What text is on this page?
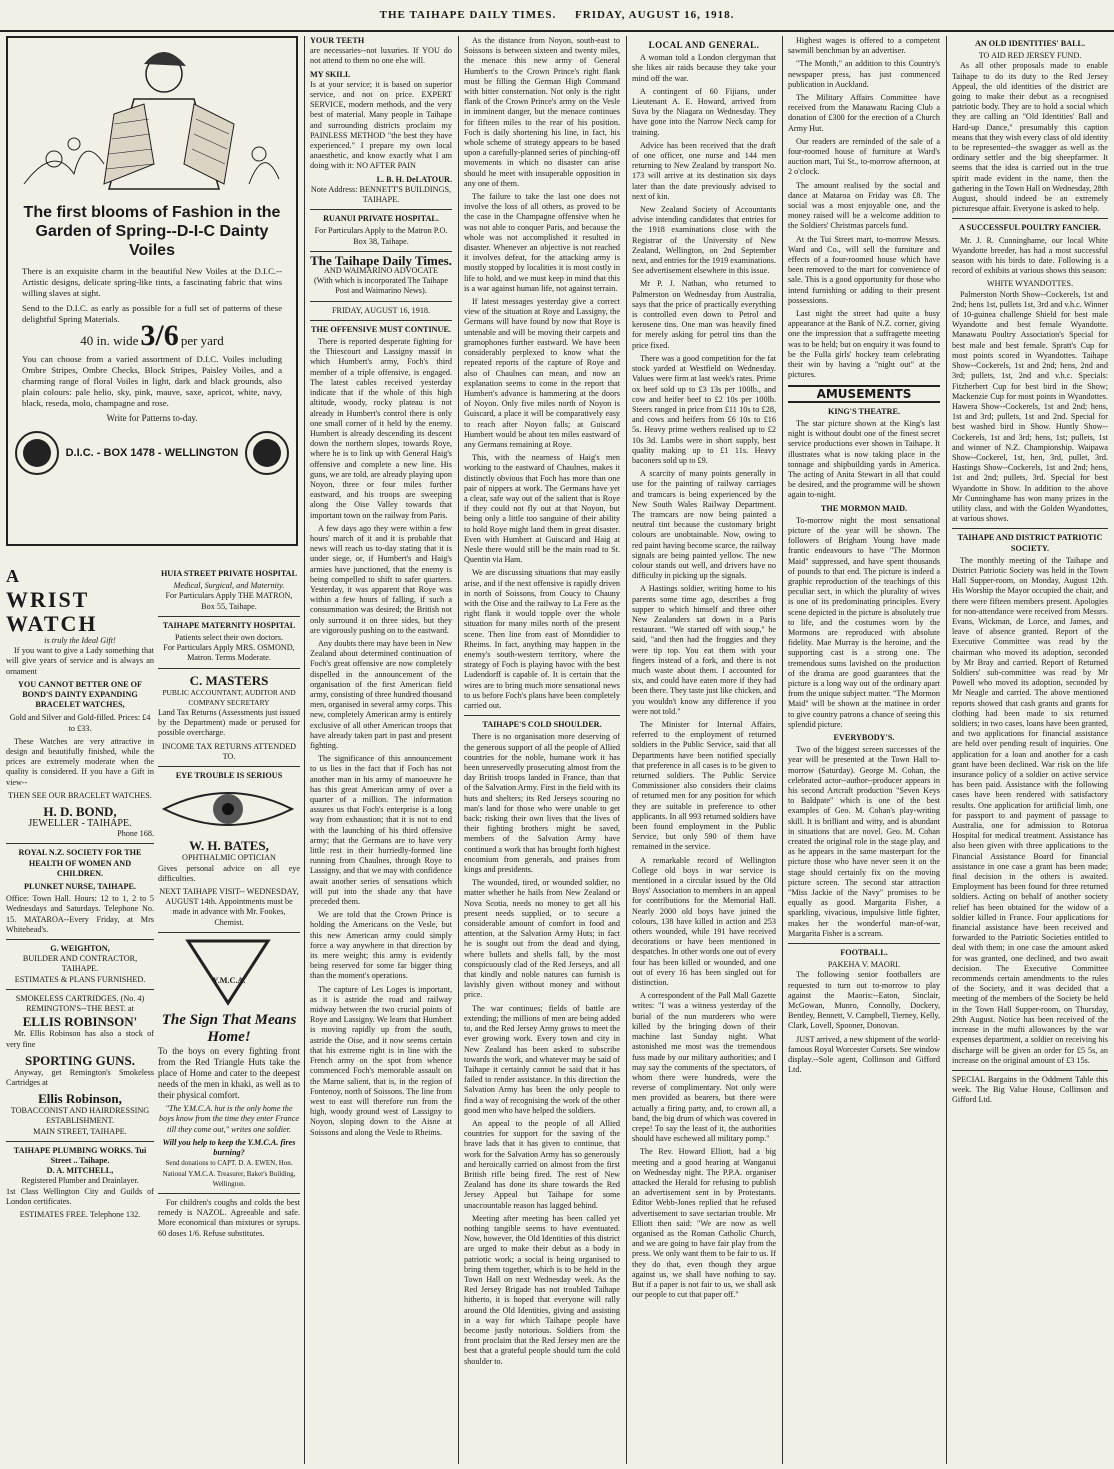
THE TAIHAPE DAILY TIMES. FRIDAY, AUGUST 16, 1918.
The first blooms of Fashion in the Garden of Spring--D-I-C Dainty Voiles

There is an exquisite charm in the beautiful New Voiles at the D.I.C.--Artistic designs, delicate spring-like tints, a fascinating fabric that wins willing slaves at sight.

Send to the D.I.C. as early as possible for a full set of patterns of these delightful Spring Materials.

40 in. wide 3/6 per yard

You can choose from a varied assortment of D.I.C. Voiles including Ombre Stripes, Ombre Checks, Block Stripes, Paisley Voiles, and a charming range of floral Voiles in light, dark and black grounds, also plain colours: pale helio, sky, pink, mauve, saxe, apricot, white, navy, black, reseda, molo, champagne and rose.

Write for Patterns to-day.
D.I.C. - BOX 1478 - WELLINGTON
A
WRIST
WATCH
is truly the Ideal Gift!

If you want to give a Lady something that will give years of service and is always an ornament

YOU CANNOT BETTER ONE OF BOND'S DAINTY EXPANDING BRACELET WATCHES,

Gold and Silver and Gold-filled. Prices: £4 to £33.

These Watches are very attractive in design and beautifully finished, while the prices are extremely moderate when the quality is considered. If you have a Gift in view--

THEN SEE OUR BRACELET WATCHES.

H. D. BOND,
JEWELLER - TAIHAPE.
Phone 168.
ROYAL N.Z. SOCIETY FOR THE HEALTH OF WOMEN AND CHILDREN.
PLUNKET NURSE, TAIHAPE.

Office: Town Hall. Hours: 12 to 1, 2 to 5 Wednesdays and Saturdays. Telephone No. 15. MATAROA--Every Friday, at Mrs Whitehead's.

G. WEIGHTON,
BUILDER AND CONTRACTOR, TAIHAPE.
ESTIMATES & PLANS FURNISHED.
SMOKELESS CARTRIDGES. (No. 4)
REMINGTON'S--THE BEST. at
ELLIS ROBINSON'

Mr. Ellis Robinson has also a stock of very fine

SPORTING GUNS.

Anyway, get Remington's Smokeless Cartridges at

Ellis Robinson,
TOBACCONIST AND HAIRDRESSING ESTABLISHMENT.
MAIN STREET, TAIHAPE.
TAIHAPE PLUMBING WORKS. Tui Street .. Taihape.
D. A. MITCHELL,
Registered Plumber and Drainlayer.

1st Class Wellington City and Guilds of London certificates.

ESTIMATES FREE. Telephone 132.
HUIA STREET PRIVATE HOSPITAL
Medical, Surgical, and Maternity.
For Particulars Apply THE MATRON, Box 55, Taihape.
TAIHAPE MATERNITY HOSPITAL
Patients select their own doctors.
For Particulars Apply MRS. OSMOND, Matron. Terms Moderate.
C. MASTERS
PUBLIC ACCOUNTANT, AUDITOR AND COMPANY SECRETARY

Land Tax Returns (Assessments just issued by the Department) made or perused for possible overcharge.

INCOME TAX RETURNS ATTENDED TO.
EYE TROUBLE IS SERIOUS
W. H. BATES,
OPHTHALMIC OPTICIAN

Gives personal advice on all eye difficulties.

NEXT TAIHAPE VISIT-- WEDNESDAY, AUGUST 14th. Appointments must be made in advance with Mr. Fookes, Chemist.

Y.M.C.A.
The Sign That Means Home!

To the boys on every fighting front from the Red Triangle Huts take the place of Home and cater to the deepest needs of the men in khaki, as well as to their physical comfort.

"The Y.M.C.A. hut is the only home the boys know from the time they enter France till they come out," writes one soldier.

Will you help to keep the Y.M.C.A. fires burning?

Send donations to CAPT. D. A. EWEN, Hon. National Y.M.C.A. Treasurer, Baker's Building, Wellington.

For children's coughs and colds the best remedy is NAZOL. Agreeable and safe. More economical than mixtures or syrups. 60 doses 1/6. Refuse substitutes.

YOUR TEETH

are necessaries--not luxuries. If YOU do not attend to them no one else will.

MY SKILL

Is at your service; it is based on superior service, and not on price. EXPERT SERVICE, modern methods, and the very best of material. Many people in Taihape and surrounding districts proclaim my PAINLESS METHOD "the best they have experienced." I prepare my own local anaesthetic, and know exactly what I am doing with it: NO AFTER PAIN

L. B. H. DeLATOUR.
Note Address: BENNETT'S BUILDINGS, TAIHAPE.
RUANUI PRIVATE HOSPITAL.
For Particulars Apply to the Matron P.O. Box 38, Taihape.
The Taihape Daily Times.
AND WAIMARINO ADVOCATE
(With which is incorporated The Taihape Post and Waimarino News).
FRIDAY, AUGUST 16, 1918.
THE OFFENSIVE MUST CONTINUE.

There is reported desperate fighting for the Thiescourt and Lassigny massif in which Humbert's army, Foch's third member of a triple offensive, is engaged. The latest cables received yesterday indicate that if the whole of this high altitude, woody, rocky plateau is not already in Humbert's control there is only one small corner of it held by the enemy. Humbert is already descending its descent down the northern slopes, towards Roye, where he is to link up with General Haig's offensive and complete a new line. His guns, we are told, are already playing upon Noyon, three or four miles further eastward, and his troops are sweeping along the Oise Valley towards that important town on the railway from Paris.

A few days ago they were within a few hours' march of it and it is probable that news will reach us to-day stating that it is under siege, or, if Humbert's and Haig's armies have junctioned, that the enemy is being compelled to shift to safer quarters. Yesterday, it was apparent that Roye was within a few hours of falling, if such a consummation was desired; the British not only surround it on three sides, but they are vigorously pushing on to the eastward.

Any doubts there may have been in New Zealand about determined continuation of Foch's great offensive are now completely dispelled in the announcement of the organisation of the first American field army, consisting of three hundred thousand men, organised in several army corps. This new, completely American army is entirely exclusive of all other American troops that have already taken part in past and present fighting.

The significance of this announcement to us lies in the fact that if Foch has not another man in his army of manoeuvre he has this great American army of over a quarter of a million. The information assures us that Foch's enterprise is a long way from exhaustion; that it is not to end with the launching of his third offensive army; that the Germans are to have very little rest in their hurriedly-formed line running from Chaulnes, through Roye to Lassigny, and that we may with confidence await another series of sensations which will put into the shade any that have preceded them.

We are told that the Crown Prince is holding the Americans on the Vesle, but this new American army could simply force a way anywhere in that direction by its mere weight; this army is evidently being reserved for some far bigger thing than the moment's operations.

The capture of Les Loges is important, as it is astride the road and railway midway between the two crucial points of Roye and Lassigny. We learn that Humbert is moving rapidly up from the south, astride the Oise, and it now seems certain that his extreme right is in line with the French army on the spot from whence commenced Foch's memorable assault on the Marne salient, that is, in the region of Fontenoy, north of Soissons. The line from west to east will therefore run from the high, woody ground west of Lassigny to Noyon, sloping down to the Aisne at Soissons and along the Vesle to Rheims.

As the distance from Noyon, south-east to Soissons is between sixteen and twenty miles, the menace this new army of General Humbert's to the Crown Prince's right flank must be filling the German High Command with bitter consternation. Not only is the right flank of the Crown Prince's army on the Vesle in imminent danger, but the menace continues for fifteen miles to the rear of his position. Foch is daily shortening his line, in fact, his whole scheme of strategy appears to be based upon a carefully-planned series of pinching-off movements in which no disaster can arise should he meet with insuperable opposition in any one of them.

The failure to take the last one does not involve the loss of all others, as proved to be the case in the Champagne offensive when he was not able to conquer Paris, and because the whole was not accomplished it resulted in disaster. Whenever an objective is not reached it involves defeat, for the attacking army is mostly stopped by localities it is most costly in life to hold, and we must keep in mind that this is a war against human life, not against terrain.

If latest messages yesterday give a correct view of the situation at Roye and Lassigny, the Germans will have found by now that Roye is untenable and will be moving their carpets and gramophones further eastward. We have been considerably perplexed to know what the repeated reports of the capture of Roye and also of Chaulnes can mean, and now an explanation seems to come in the report that Humbert's advance is hammering at the doors of Noyon. Only five miles north of Noyon is Guiscard, a place it will be comparatively easy to reach after Noyon falls; at Guiscard Humbert would be about ten miles eastward of any Germans remaining at Roye.

This, with the nearness of Haig's men working to the eastward of Chaulnes, makes it distinctly obvious that Foch has more than one pair of nippers at work. The Germans have yet a clear, safe way out of the salient that is Roye if they could not fly out at that Noyon, but being only a little too sanguine of their ability to hold Roye might land them in great disaster. Even with Humbert at Guiscard and Haig at Nesle there would still be the main road to St. Quentin via Ham.

We are discussing situations that may easily arise, and if the next offensive is rapidly driven in north of Soissons, from Coucy to Chauny with the Oise and the railway to La Fere as the right flank it would topple over the whole situation for many miles north of the present scene. Then line from east of Montdidier to Rheims. In fact, anything may happen in the enemy's south-western territory, where the strategy of Foch is playing havoc with the best Ludendorff is capable of. It is certain that the wires are to bring much more sensational news to us before Foch's plans have been completely carried out.

TAIHAPE'S COLD SHOULDER.

There is no organisation more deserving of the generous support of all the people of Allied countries for the noble, humane work it has been unreservedly prosecuting almost from the day British troops landed in France, than that of the Salvation Army. First in the field with its huts and shelters; its Red Jerseys scouring no man's land for those who were unable to get back; risking their own lives that the lives of their fighting brothers might be saved, members of the Salvation Army have continued a work that has brought forth highest encomium from generals, and praises from kings and presidents.

The wounded, tired, or wounded soldier, no matter whether he hails from New Zealand or Nova Scotia, needs no money to get all his present needs supplied, or to secure a considerable amount of comfort in food and attention, at the Salvation Army Huts; in fact he is sought out from the dead and dying, where bullets and shells fall, by the most conspicuously clad of the Red Jerseys, and all that kindly and noble natures can furnish is lavishly given without money and without price.

The war continues; fields of battle are extending; the millions of men are being added to, and the Red Jersey Army grows to meet the ever growing work. Every town and city in New Zealand has been asked to subscribe towards the work, and whatever may be said of Taihape it certainly cannot be said that it has failed to render assistance. In this direction the Salvation Army has been the only people to find a way of recognising the work of the other good men who have helped the soldiers.

An appeal to the people of all Allied countries for support for the saving of the brave lads that it has given to continue, that work for the Salvation Army has so generously and heroically carried on almost from the first British rifle being fired. The rest of New Zealand has done its share towards the Red Jersey Appeal but Taihape for some unaccountable reason has lagged behind.

Meeting after meeting has been called yet nothing tangible seems to have eventuated. Now, however, the Old Identities of this district are urged to make their debut as a body in patriotic work; a social is being organised to bring them together, which is to be held in the Town Hall on next Wednesday week. As the Red Jersey Brigade has not troubled Taihape hitherto, it is hoped that everyone will rally around the Old Identities, giving and assisting in a way for which Taihape people have become justly notorious. Soldiers from the front proclaim that the Red Jersey men are the best that a grateful people should turn the cold shoulder to.

LOCAL AND GENERAL.

A woman told a London clergyman that she likes air raids because they take your mind off the war.

A contingent of 60 Fijians, under Lieutenant A. E. Howard, arrived from Suva by the Niagara on Wednesday. They have gone into the Narrow Neck camp for training.

Advice has been received that the draft of one officer, one nurse and 144 men returning to New Zealand by transport No. 173 will arrive at its destination six days later than the date previously advised to next of kin.

New Zealand Society of Accountants advise intending candidates that entries for the 1918 examinations close with the Registrar of the University of New Zealand, Wellington, on 2nd September next, and entries for the 1919 examinations. See advertisement elsewhere in this issue.

Mr P. J. Nathan, who returned to Palmerston on Wednesday from Australia, says that the price of practically everything is controlled even down to Petrol and kerosene tins. One man was heavily fined for merely asking for petrol tins than the price fixed.

There was a good competition for the fat stock yarded at Westfield on Wednesday. Values were firm at last week's rates. Prime ox beef sold up to £3 13s per 100lb., and cow and heifer beef to £2 10s per 100lb. Steers ranged in price from £11 10s to £28, and cows and heifers from £6 10s to £16 5s. Heavy prime wethers realised up to £2 10s 3d. Lambs were in short supply, best quality making up to £1 11s. Heavy baconers sold up to £9.

A scarcity of many points generally in use for the painting of railway carriages and tramcars is being experienced by the New South Wales Railway Department. The tramcars are now being painted a neutral tint because the customary bright colours are unobtainable. Now, owing to red paint having become scarce, the railway signals are being painted yellow. The new colour stands out well, and drivers have no difficulty in picking up the signals.

A Hastings soldier, writing home to his parents some time ago, describes a frog supper to which himself and three other New Zealanders sat down in a Paris restaurant. "We started off with soup," he said, "and then had the froggies and they were tip top. You eat them with your fingers instead of a fork, and there is not much waste about them. I accounted for six, and could have eaten more if they had been there. They taste just like chicken, and you wouldn't know any difference if you were not told."

The Minister for Internal Affairs, referred to the employment of returned soldiers in the Public Service, said that all Departments have been notified specially that preference in all cases is to be given to returned soldiers. The Public Service Commissioner also considers their claims of returned men for any position for which they are suitable in preference to other applicants. In all 993 returned soldiers have been found employment in the Public Service, but only 590 of them have remained in the service.

A remarkable record of Wellington College old boys in war service is mentioned in a circular issued by the Old Boys' Association to members in an appeal for contributions for the Memorial Hall. Nearly 2000 old boys have joined the colours, 138 have killed in action and 253 others wounded, while 191 have received decorations or have been mentioned in despatches. In other words one out of every four has been killed or wounded, and one out of every 16 has been singled out for distinction.

A correspondent of the Pall Mall Gazette writes: "I was a witness yesterday of the burial of the nun murderers who were killed by the bringing down of their machine last Sunday night. What astonished me most was the tremendous fuss made by our military authorities; and I may say the comments of the spectators, of whom there were hundreds, were the reverse of complimentary. Not only were men provided as bearers, but there were actually a firing party, and, to crown all, a band, the big drum of which was covered in crepe! To say the least of it, the authorities should have eschewed all military pomp."

The Rev. Howard Elliott, had a big meeting and a good hearing at Wanganui on Wednesday night. The P.P.A. organiser attacked the Herald for refusing to publish an advertisement sent in by Protestants. Editor Webb-Jones replied that he refused advertisement to save sectarian trouble. Mr Elliott then said: "We are now as well organised as the Roman Catholic Church, and we are going to have fair play from the press. We only want them to be fair to us. If they do that, even though they argue against us, we shall have nothing to say. But if a paper is not fair to us, we shall ask our people to cut that paper off."

Highest wages is offered to a competent sawmill benchman by an advertiser.

"The Month," an addition to this Country's newspaper press, has just commenced publication in Auckland.

The Military Affairs Committee have received from the Manawatu Racing Club a donation of £300 for the erection of a Church Army Hut.

Our readers are reminded of the sale of a four-roomed house of furniture at Ward's auction mart, Tui St., to-morrow afternoon, at 2 o'clock.

The amount realised by the social and dance at Mataroa on Friday was £8. The social was a most enjoyable one, and the money raised will be a welcome addition to the Soldiers' Christmas parcels fund.

At the Tui Street mart, to-morrow Messrs. Ward and Co., will sell the furniture and effects of a four-roomed house which have been removed to the mart for convenience of sale. This is a good opportunity for those who intend furnishing or adding to their present possessions.

Last night the street had quite a busy appearance at the Bank of N.Z. corner, giving one the impression that a suffragette meeting was to be held; but on enquiry it was found to be the Fulla girls' hockey team celebrating their win by having a "night out" at the pictures.

AMUSEMENTS
KING'S THEATRE.

The star picture shown at the King's last night is without doubt one of the finest secret service productions ever shown in Taihape. It illustrates what is now taking place in the tonnage and shipbuilding yards in America. The acting of Anita Stewart in all that could be desired, and the programme will be shown again to-night.

THE MORMON MAID.

To-morrow night the most sensational picture of the year will be shown. The followers of Brigham Young have made frantic endeavours to have "The Mormon Maid" suppressed, and have spent thousands of pounds to that end. The picture is indeed a graphic reproduction of the teachings of this peculiar sect, in which the plurality of wives is one of its predominating principles. Every scene depicted in the picture is absolutely true to life, and the costumes worn by the Mormons are reproduced with absolute fidelity. Mae Murray is the heroine, and the supporting cast is a strong one. The tremendous sums lavished on the production of the drama are good guarantees that the picture is a long way out of the ordinary apart from the unique subject matter. "The Mormon Maid" will be shown at the matinee in order to give country patrons a chance of seeing this splendid picture.

EVERYBODY'S.

Two of the biggest screen successes of the year will be presented at the Town Hall to-morrow (Saturday). George M. Cohan, the celebrated actor--author--producer appears in his second Artcraft production "Seven Keys to Baldpate" which is one of the best examples of Geo. M. Cohan's play-writing skill. It is brilliant and witty, and is abundant in situations that are novel. Geo. M. Cohan created the original role in the stage play, and as he appears in the same masterpart for the picture those who have never seen it on the stage should certainly fix on the moving picture screen. The second star attraction "Miss Jackie of the Navy" promises to be equally as good. Margarita Fisher, a sparkling, vivacious, impulsive little fighter, makes her the wonderful man-of-war, Margarita Fisher is a scream.

FOOTBALL.
PAKEHA V. MAORI.

The following senior footballers are requested to turn out to-morrow to play against the Maoris:--Eaton, Sinclair, McGowan, Munro, Connolly, Dockery, Bentley, Bennett, V. Campbell, Tierney, Kelly, Clark, Lovell, Spooner, Donovan.

JUST arrived, a new shipment of the world-famous Royal Worcester Corsets. See window display.--Sole agent, Collinson and Gifford Ltd.

AN OLD IDENTITIES' BALL.
TO AID RED JERSEY FUND.

As all other proposals made to enable Taihape to do its duty to the Red Jersey Appeal, the old identities of the district are going to make their debut as a recognised patriotic body. They are to hold a social which they are calling an "Old Identities' Ball and Hard-up Dance," presumably this caption means that they wish every class of old identity to be represented--the swagger as well as the ordinary settler and the big sheepfarmer. It seems that the idea is carried out in the true spirit made evident in the name, then the gathering in the Town Hall on Wednesday, 28th August, should indeed be an extremely picturesque affair. Everyone is asked to help.

A SUCCESSFUL POULTRY FANCIER.

Mr. J. R. Cunninghame, our local White Wyandotte breeder, has had a most successful season with his birds to date. Following is a record of exhibits at various shows this season:

WHITE WYANDOTTES.

Palmerston North Show--Cockerels, 1st and 2nd; hens 1st, pullets 1st, 3rd and v.h.c. Winner of 10-guinea challenge Shield for best male Wyandotte and best female Wyandotte. Manawatu Poultry Association's Special for best male and best female. Spratt's Cup for most points scored in Wyandottes. Taihape Show--Cockerels, 1st and 2nd; hens, 2nd and 3rd; pullets, 1st, 2nd and v.h.c. Specials: Fitzherbert Cup for best bird in the Show; Mackenzie Cup for most points in Wyandottes. Hawera Show--Cockerels, 1st and 2nd; hens, 1st and 3rd; pullets, 1st and 2nd. Special for best washed bird in Show. Huntly Show--Cockerels, 1st and 3rd; hens, 1st; pullets, 1st and winner of N.Z. Championship. Waipawa Show--Cockerel, 1st, hen, 3rd, pullet, 3rd. Hastings Show--Cockerels, 1st and 2nd; hens, 1st and 2nd; pullets, 3rd. Special for best Wyandotte in Show. In addition to the above Mr Cunninghame has won many prizes in the utility class, and with the Golden Wyandottes, at various shows.

TAIHAPE AND DISTRICT PATRIOTIC SOCIETY.

The monthly meeting of the Taihape and District Patriotic Society was held in the Town Hall Supper-room, on Monday, August 12th. His Worship the Mayor occupied the chair, and there were fifteen members present. Apologies for non-attendance were received from Messrs. Evans, Wickman, de Lorce, and James, and leave of absence granted. Report of the Executive Committee was read by the chairman who moved its adoption, seconded by Mr Bray and carried. Report of Returned Soldiers' sub-committee was read by Mr Powell who moved its adoption, seconded by Mr Neagle and carried. The above mentioned reports showed that cash grants and grants for clothing had been made to six returned soldiers; in two cases, loans have been granted, and two applications for financial assistance are held over pending result of inquiries. One application for a loan and another for a cash grant have been declined. War risk on the life insurance policy of a soldier on active service has been paid. Assistance with the following cases have been rendered with satisfactory results. One application for artificial limb, one for passport to and payment of passage to Australia, one for admission to Rotorua Hospital for medical treatment. Assistance has also been given with three applications to the Financial Assistance Board for financial assistance in one case a grant has been made; final decision in the others is awaited. Employment has been found for three returned soldiers. Acting on behalf of another society relief has been obtained for the widow of a soldier killed in France. Four applications for financial assistance have been received and forwarded to the Patriotic Societies entitled to deal with them; in one case the amount asked for was granted, one declined, and two await decision. The Executive Committee recommends certain amendments to the rules of the Society, and it was decided that a meeting of the members of the Society be held in the Town Hall Supper-room, on Thursday, 29th August. Notice has been received of the increase in the mufti allowances by the war expenses department, a soldier on receiving his discharge will be given an order for £5 5s, an increase on the original amount of £3 15s.

SPECIAL Bargains in the Oddment Table this week. The Big Value House, Collinson and Gifford Ltd.
